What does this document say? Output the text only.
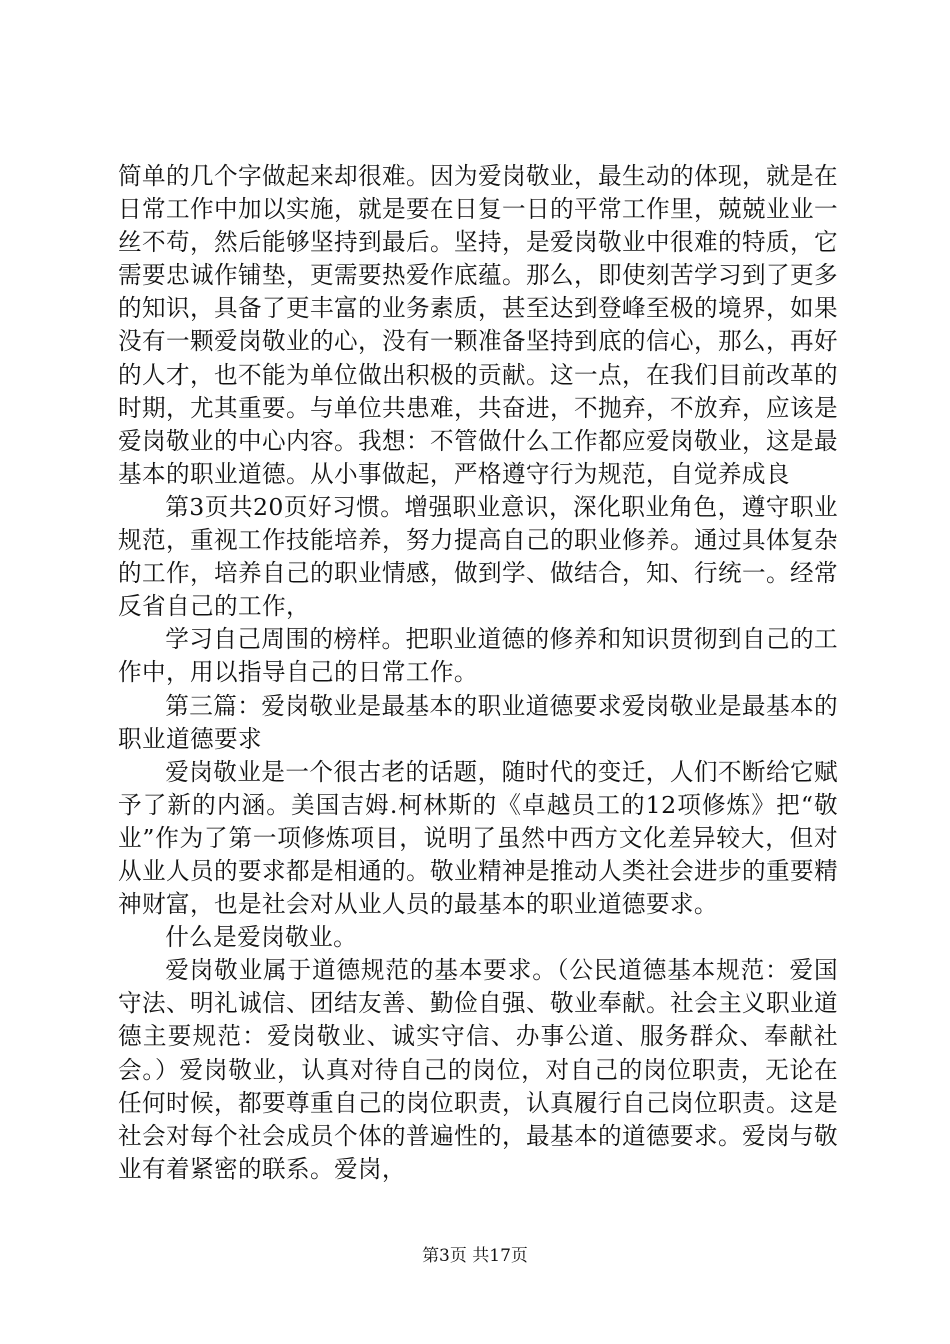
简单的几个字做起来却很难。因为爱岗敬业，最生动的体现，就是在日常工作中加以实施，就是要在日复一日的平常工作里，兢兢业业一丝不苟，然后能够坚持到最后。坚持，是爱岗敬业中很难的特质，它需要忠诚作铺垫，更需要热爱作底蕴。那么，即使刻苦学习到了更多的知识，具备了更丰富的业务素质，甚至达到登峰至极的境界，如果没有一颗爱岗敬业的心，没有一颗准备坚持到底的信心，那么，再好的人才，也不能为单位做出积极的贡献。这一点，在我们目前改革的时期，尤其重要。与单位共患难，共奋进，不抛弃，不放弃，应该是爱岗敬业的中心内容。我想：不管做什么工作都应爱岗敬业，这是最基本的职业道德。从小事做起，严格遵守行为规范，自觉养成良

第3页共20页好习惯。增强职业意识，深化职业角色，遵守职业规范，重视工作技能培养，努力提高自己的职业修养。通过具体复杂的工作，培养自己的职业情感，做到学、做结合，知、行统一。经常反省自己的工作，

学习自己周围的榜样。把职业道德的修养和知识贯彻到自己的工作中，用以指导自己的日常工作。

第三篇：爱岗敬业是最基本的职业道德要求爱岗敬业是最基本的职业道德要求

爱岗敬业是一个很古老的话题，随时代的变迁，人们不断给它赋予了新的内涵。美国吉姆.柯林斯的《卓越员工的12项修炼》把“敬业”作为了第一项修炼项目，说明了虽然中西方文化差异较大，但对从业人员的要求都是相通的。敬业精神是推动人类社会进步的重要精神财富，也是社会对从业人员的最基本的职业道德要求。

什么是爱岗敬业。

爱岗敬业属于道德规范的基本要求。（公民道德基本规范：爱国守法、明礼诚信、团结友善、勤俭自强、敬业奉献。社会主义职业道德主要规范：爱岗敬业、诚实守信、办事公道、服务群众、奉献社会。）爱岗敬业，认真对待自己的岗位，对自己的岗位职责，无论在任何时候，都要尊重自己的岗位职责，认真履行自己岗位职责。这是社会对每个社会成员个体的普遍性的，最基本的道德要求。爱岗与敬业有着紧密的联系。爱岗，

第3页 共17页
